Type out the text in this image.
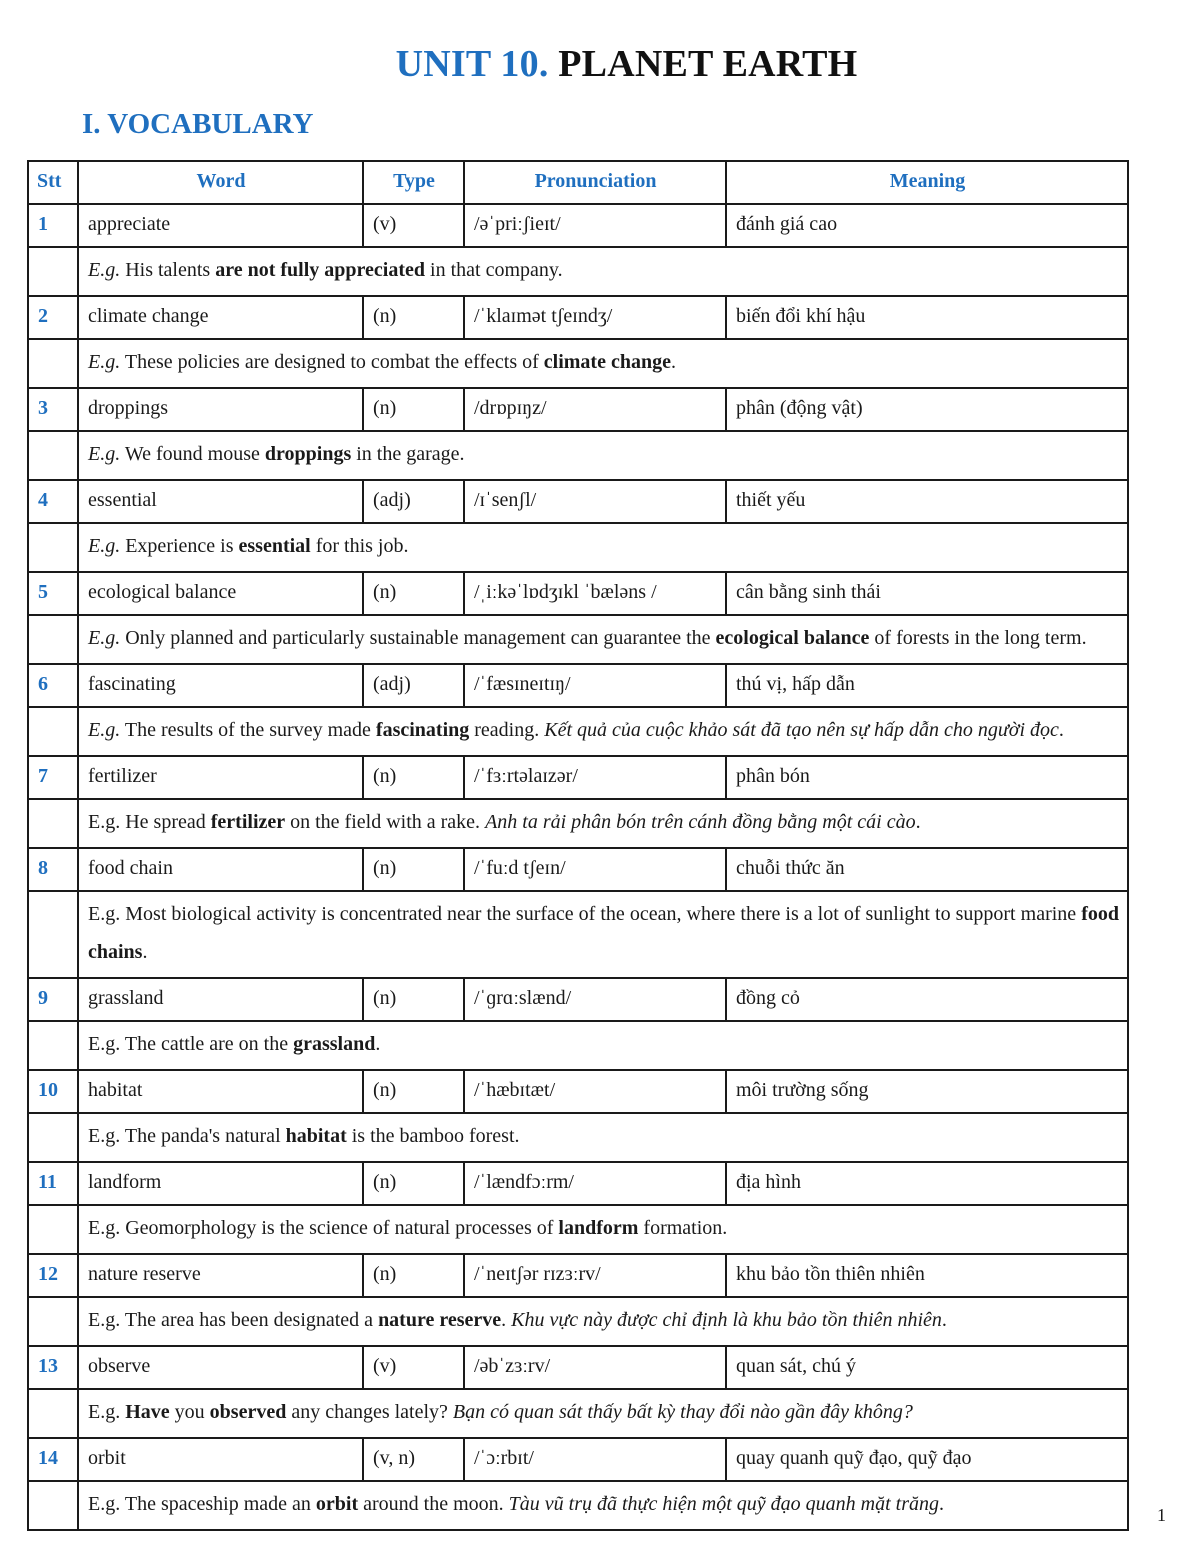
UNIT 10. PLANET EARTH
I. VOCABULARY
Stt	Word	Type	Pronunciation	Meaning
1	appreciate	(v)	/əˈpriːʃieɪt/	đánh giá cao
	E.g. His talents are not fully appreciated in that company.			
2	climate change	(n)	/ˈklaɪmət tʃeɪndʒ/	biến đổi khí hậu
	E.g. These policies are designed to combat the effects of climate change.			
3	droppings	(n)	/drɒpɪŋz/	phân (động vật)
	E.g. We found mouse droppings in the garage.			
4	essential	(adj)	/ɪˈsenʃl/	thiết yếu
	E.g. Experience is essential for this job.			
5	ecological balance	(n)	/ˌiːkəˈlɒdʒɪkl ˈbæləns /	cân bằng sinh thái
	E.g. Only planned and particularly sustainable management can guarantee the ecological balance of forests in the long term.			
6	fascinating	(adj)	/ˈfæsɪneɪtɪŋ/	thú vị, hấp dẫn
	E.g. The results of the survey made fascinating reading. Kết quả của cuộc khảo sát đã tạo nên sự hấp dẫn cho người đọc.			
7	fertilizer	(n)	/ˈfɜːrtəlaɪzər/	phân bón
	E.g. He spread fertilizer on the field with a rake. Anh ta rải phân bón trên cánh đồng bằng một cái cào.			
8	food chain	(n)	/ˈfuːd tʃeɪn/	chuỗi thức ăn
	E.g. Most biological activity is concentrated near the surface of the ocean, where there is a lot of sunlight to support marine food chains.			
9	grassland	(n)	/ˈɡrɑːslænd/	đồng cỏ
	E.g. The cattle are on the grassland.			
10	habitat	(n)	/ˈhæbɪtæt/	môi trường sống
	E.g. The panda's natural habitat is the bamboo forest.			
11	landform	(n)	/ˈlændfɔːrm/	địa hình
	E.g. Geomorphology is the science of natural processes of landform formation.			
12	nature reserve	(n)	/ˈneɪtʃər rɪzɜːrv/	khu bảo tồn thiên nhiên
	E.g. The area has been designated a nature reserve. Khu vực này được chỉ định là khu bảo tồn thiên nhiên.			
13	observe	(v)	/əbˈzɜːrv/	quan sát, chú ý
	E.g. Have you observed any changes lately? Bạn có quan sát thấy bất kỳ thay đổi nào gần đây không?			
14	orbit	(v, n)	/ˈɔːrbɪt/	quay quanh quỹ đạo, quỹ đạo
	E.g. The spaceship made an orbit around the moon. Tàu vũ trụ đã thực hiện một quỹ đạo quanh mặt trăng.				1
